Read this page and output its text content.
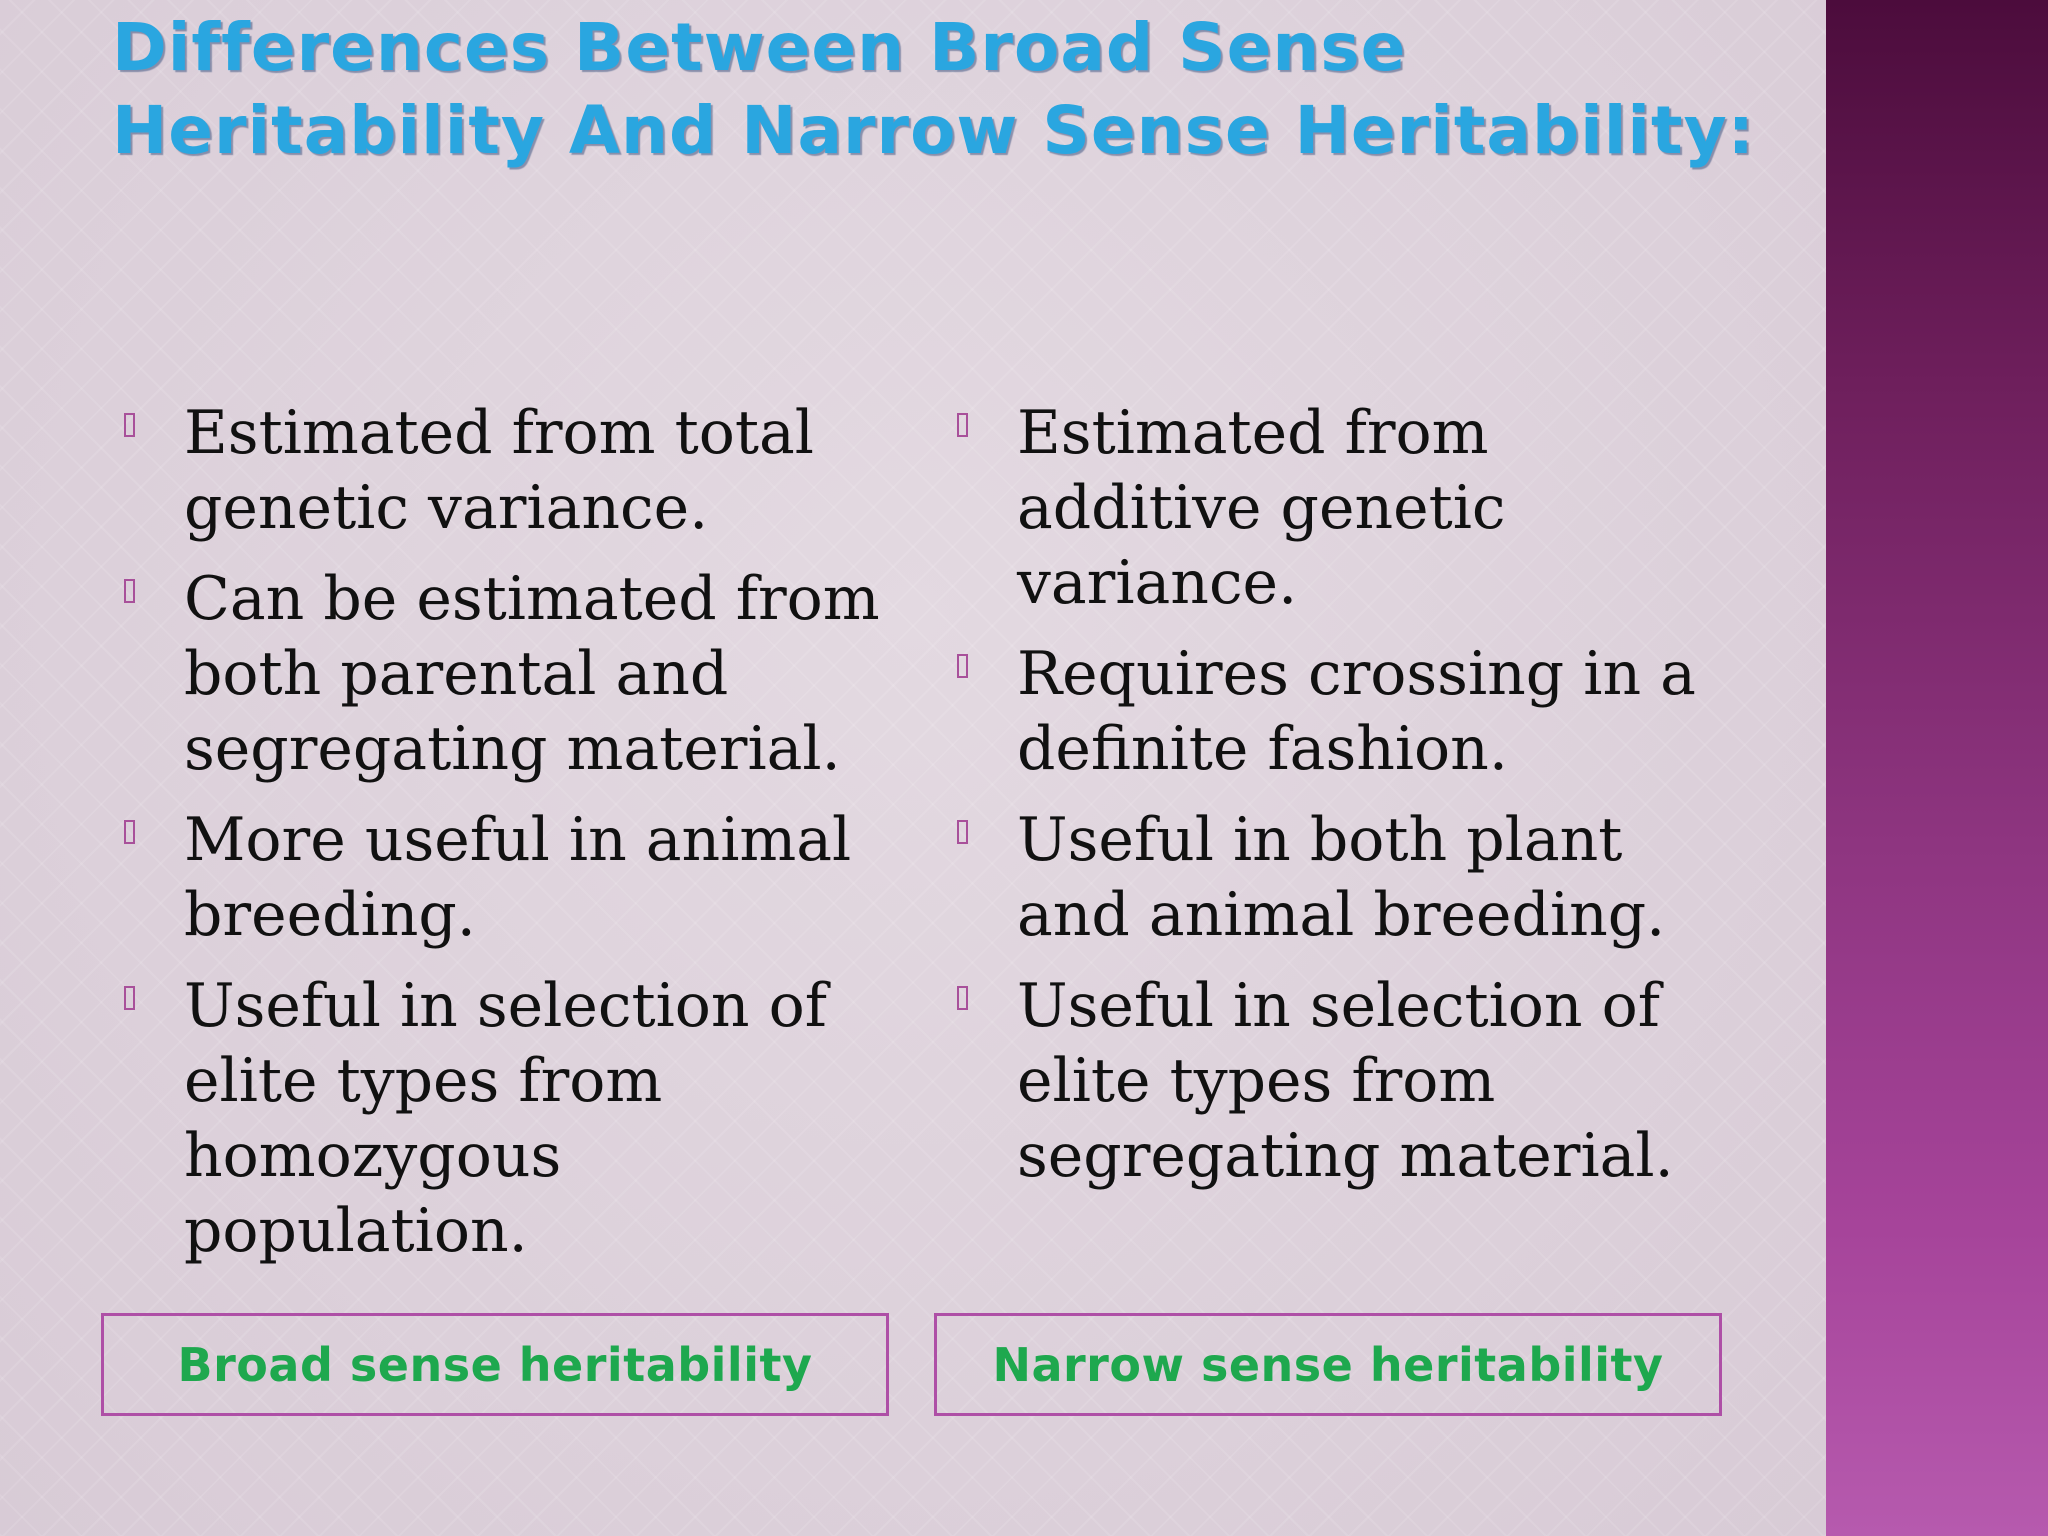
Differences Between Broad Sense Heritability And Narrow Sense Heritability:
Estimated from total genetic variance.
Can be estimated from both parental and segregating material.
More useful in animal breeding.
Useful in selection of elite types from homozygous population.
Estimated from additive genetic variance.
Requires crossing in a definite fashion.
Useful in both plant and animal breeding.
Useful in selection of elite types from segregating material.
Broad sense heritability	Narrow sense heritability
